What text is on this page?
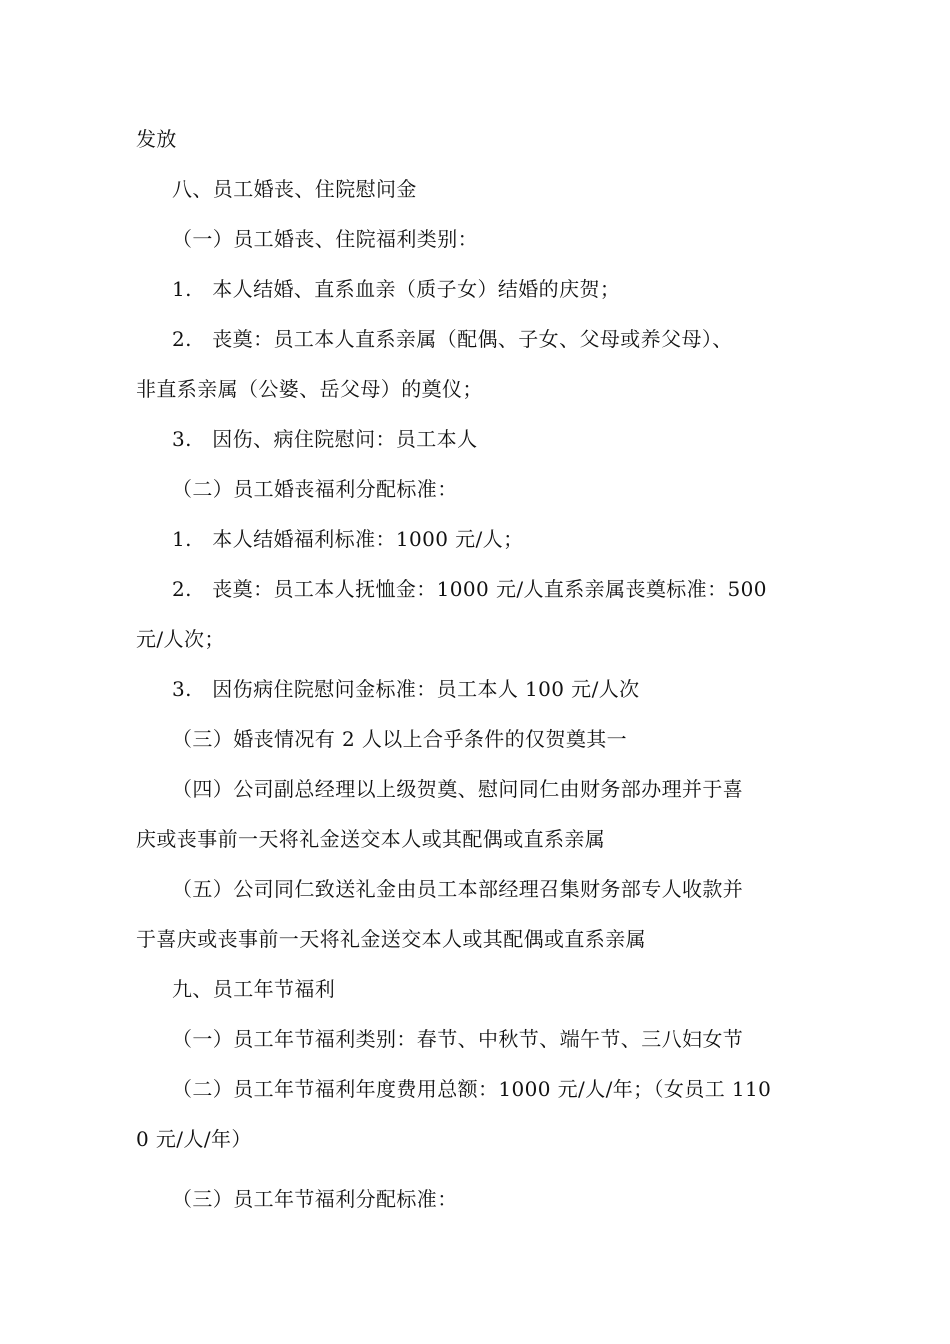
发放
八、员工婚丧、住院慰问金
（一）员工婚丧、住院福利类别：
1.　本人结婚、直系血亲（质子女）结婚的庆贺；
2.　丧奠：员工本人直系亲属（配偶、子女、父母或养父母）、
非直系亲属（公婆、岳父母）的奠仪；
3.　因伤、病住院慰问：员工本人
（二）员工婚丧福利分配标准：
1.　本人结婚福利标准：1000 元/人；
2.　丧奠：员工本人抚恤金：1000 元/人直系亲属丧奠标准：500
元/人次；
3.　因伤病住院慰问金标准：员工本人 100 元/人次
（三）婚丧情况有 2 人以上合乎条件的仅贺奠其一
（四）公司副总经理以上级贺奠、慰问同仁由财务部办理并于喜
庆或丧事前一天将礼金送交本人或其配偶或直系亲属
（五）公司同仁致送礼金由员工本部经理召集财务部专人收款并
于喜庆或丧事前一天将礼金送交本人或其配偶或直系亲属
九、员工年节福利
（一）员工年节福利类别：春节、中秋节、端午节、三八妇女节
（二）员工年节福利年度费用总额：1000 元/人/年；（女员工 110
0 元/人/年）
（三）员工年节福利分配标准：
